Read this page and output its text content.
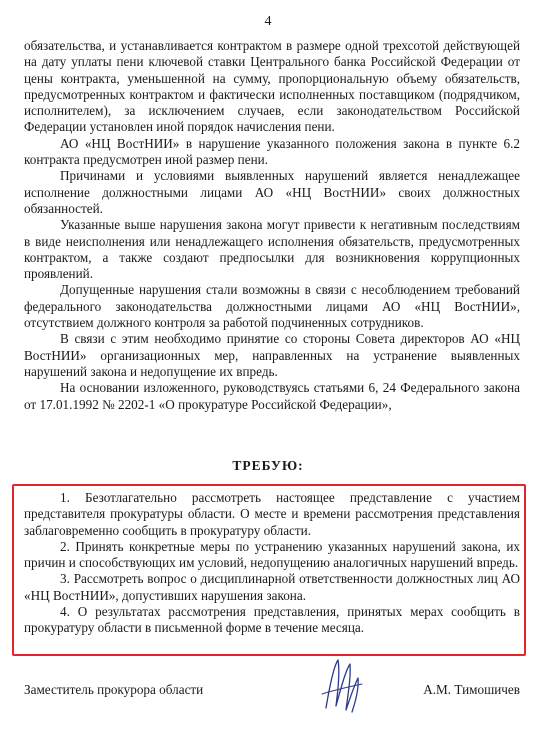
4

обязательства, и устанавливается контрактом в размере одной трехсотой действующей на дату уплаты пени ключевой ставки Центрального банка Российской Федерации от цены контракта, уменьшенной на сумму, пропорциональную объему обязательств, предусмотренных контрактом и фактически исполненных поставщиком (подрядчиком, исполнителем), за исключением случаев, если законодательством Российской Федерации установлен иной порядок начисления пени.

АО «НЦ ВостНИИ» в нарушение указанного положения закона в пункте 6.2 контракта предусмотрен иной размер пени.

Причинами и условиями выявленных нарушений является ненадлежащее исполнение должностными лицами АО «НЦ ВостНИИ» своих должностных обязанностей.

Указанные выше нарушения закона могут привести к негативным последствиям в виде неисполнения или ненадлежащего исполнения обязательств, предусмотренных контрактом, а также создают предпосылки для возникновения коррупционных проявлений.

Допущенные нарушения стали возможны в связи с несоблюдением требований федерального законодательства должностными лицами АО «НЦ ВостНИИ», отсутствием должного контроля за работой подчиненных сотрудников.

В связи с этим необходимо принятие со стороны Совета директоров АО «НЦ ВостНИИ» организационных мер, направленных на устранение выявленных нарушений закона и недопущение их впредь.

На основании изложенного, руководствуясь статьями 6, 24 Федерального закона от 17.01.1992 № 2202-1 «О прокуратуре Российской Федерации»,

ТРЕБУЮ:

1. Безотлагательно рассмотреть настоящее представление с участием представителя прокуратуры области. О месте и времени рассмотрения представления заблаговременно сообщить в прокуратуру области.

2. Принять конкретные меры по устранению указанных нарушений закона, их причин и способствующих им условий, недопущению аналогичных нарушений впредь.

3. Рассмотреть вопрос о дисциплинарной ответственности должностных лиц АО «НЦ ВостНИИ», допустивших нарушения закона.

4. О результатах рассмотрения представления, принятых мерах сообщить в прокуратуру области в письменной форме в течение месяца.

Заместитель прокурора области	А.М. Тимошичев
